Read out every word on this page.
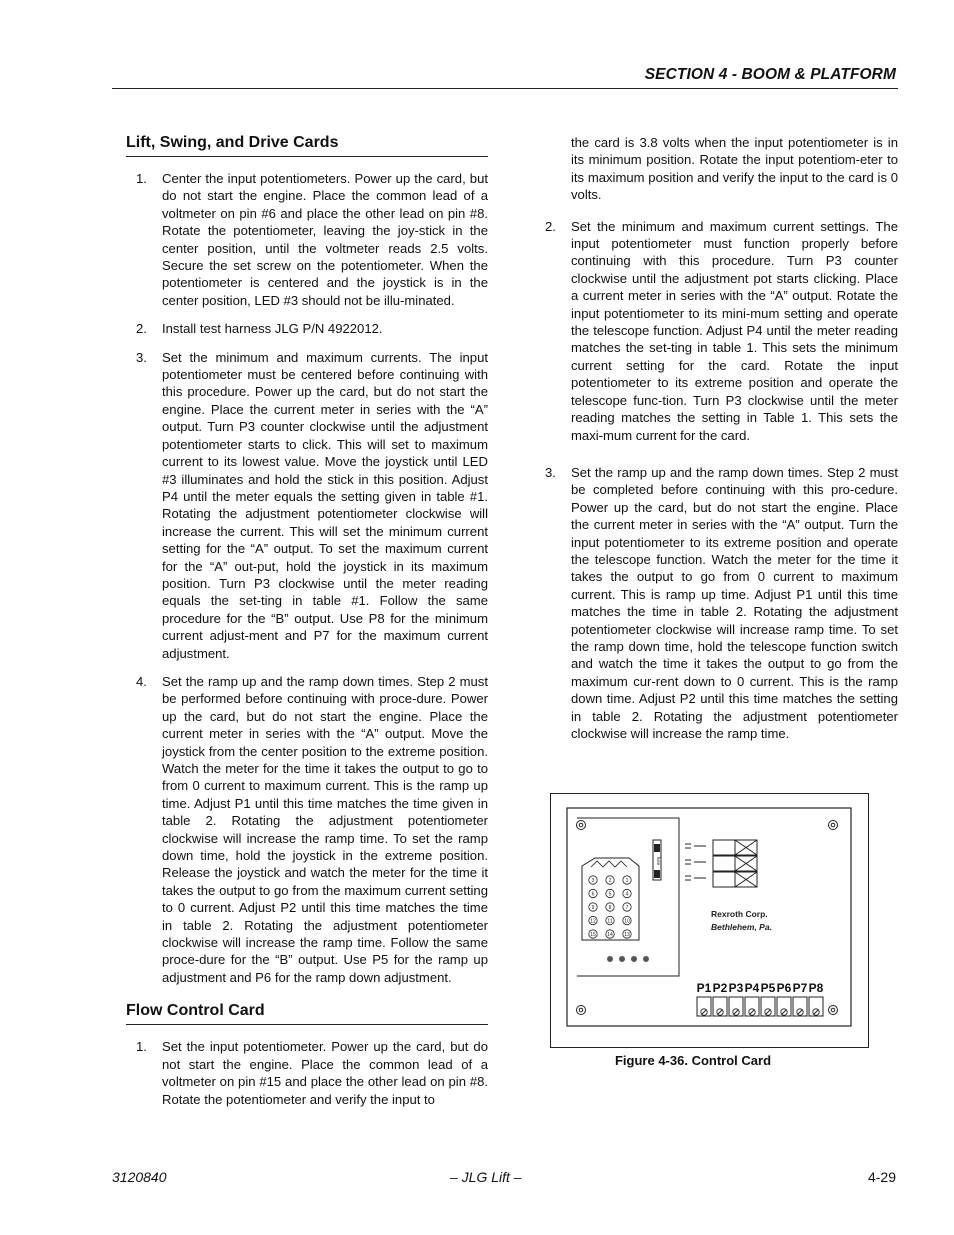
SECTION 4 - BOOM & PLATFORM
Lift, Swing, and Drive Cards
1.	Center the input potentiometers. Power up the card, but do not start the engine. Place the common lead of a voltmeter on pin #6 and place the other lead on pin #8. Rotate the potentiometer, leaving the joy-stick in the center position, until the voltmeter reads 2.5 volts. Secure the set screw on the potentiometer. When the potentiometer is centered and the joystick is in the center position, LED #3 should not be illu-minated.
2.	Install test harness JLG P/N 4922012.
3.	Set the minimum and maximum currents. The input potentiometer must be centered before continuing with this procedure. Power up the card, but do not start the engine. Place the current meter in series with the “A” output. Turn P3 counter clockwise until the adjustment potentiometer starts to click. This will set to maximum current to its lowest value. Move the joystick until LED #3 illuminates and hold the stick in this position. Adjust P4 until the meter equals the setting given in table #1. Rotating the adjustment potentiometer clockwise will increase the current. This will set the minimum current setting for the “A” output. To set the maximum current for the “A” out-put, hold the joystick in its maximum position. Turn P3 clockwise until the meter reading equals the set-ting in table #1. Follow the same procedure for the “B” output. Use P8 for the minimum current adjust-ment and P7 for the maximum current adjustment.
4.	Set the ramp up and the ramp down times. Step 2 must be performed before continuing with proce-dure. Power up the card, but do not start the engine. Place the current meter in series with the “A” output. Move the joystick from the center position to the extreme position. Watch the meter for the time it takes the output to go to from 0 current to maximum current. This is the ramp up time. Adjust P1 until this time matches the time given in table 2. Rotating the adjustment potentiometer clockwise will increase the ramp time. To set the ramp down time, hold the joystick in the extreme position. Release the joystick and watch the meter for the time it takes the output to go from the maximum current setting to 0 current. Adjust P2 until this time matches the time in table 2. Rotating the adjustment potentiometer clockwise will increase the ramp time. Follow the same proce-dure for the “B” output. Use P5 for the ramp up adjustment and P6 for the ramp down adjustment.
Flow Control Card
1.	Set the input potentiometer. Power up the card, but do not start the engine. Place the common lead of a voltmeter on pin #15 and place the other lead on pin #8. Rotate the potentiometer and verify the input to
the card is 3.8 volts when the input potentiometer is in its minimum position. Rotate the input potentiom-eter to its maximum position and verify the input to the card is 0 volts.
2.	Set the minimum and maximum current settings. The input potentiometer must function properly before continuing with this procedure. Turn P3 counter clockwise until the adjustment pot starts clicking. Place a current meter in series with the “A” output. Rotate the input potentiometer to its mini-mum setting and operate the telescope function. Adjust P4 until the meter reading matches the set-ting in table 1. This sets the minimum current setting for the card. Rotate the input potentiometer to its extreme position and operate the telescope func-tion. Turn P3 clockwise until the meter reading matches the setting in Table 1. This sets the maxi-mum current for the card.
3.	Set the ramp up and the ramp down times. Step 2 must be completed before continuing with this pro-cedure. Power up the card, but do not start the engine. Place the current meter in series with the “A” output. Turn the input potentiometer to its extreme position and operate the telescope function. Watch the meter for the time it takes the output to go from 0 current to maximum current. This is ramp up time. Adjust P1 until this time matches the time in table 2. Rotating the adjustment potentiometer clockwise will increase ramp time. To set the ramp down time, hold the telescope function switch and watch the time it takes the output to go from the maximum cur-rent down to 0 current. This is the ramp down time. Adjust P2 until this time matches the setting in table 2. Rotating the adjustment potentiometer clockwise will increase the ramp time.
3	2	1
6	5	4
9	8	7
12 11 10
15 14 13
fuse
Rexroth Corp.
Bethlehem, Pa.
P1 P2 P3 P4 P5 P6 P7 P8
Figure 4-36. Control Card
3120840	– JLG Lift –	4-29
